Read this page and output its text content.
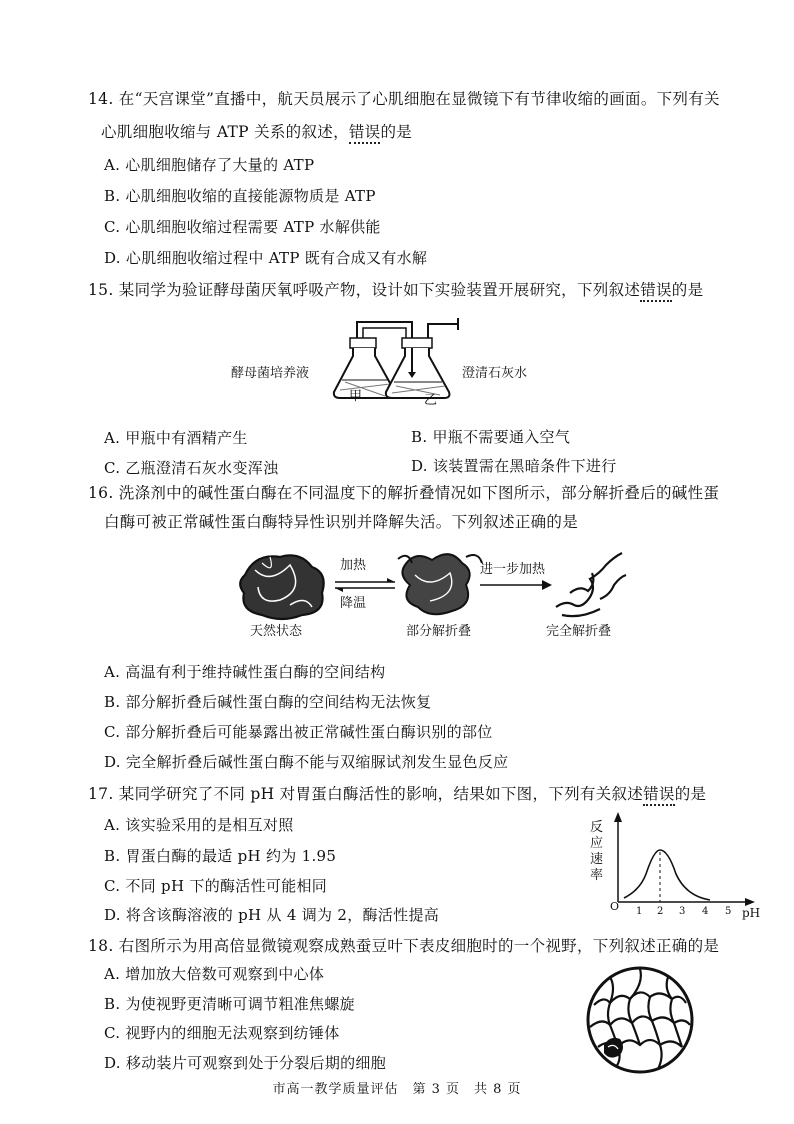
14. 在“天宫课堂”直播中，航天员展示了心肌细胞在显微镜下有节律收缩的画面。下列有关
心肌细胞收缩与 ATP 关系的叙述，错误的是
A. 心肌细胞储存了大量的 ATP
B. 心肌细胞收缩的直接能源物质是 ATP
C. 心肌细胞收缩过程需要 ATP 水解供能
D. 心肌细胞收缩过程中 ATP 既有合成又有水解
15. 某同学为验证酵母菌厌氧呼吸产物，设计如下实验装置开展研究，下列叙述错误的是
酵母菌培养液	澄清石灰水
甲	乙
A. 甲瓶中有酒精产生	B. 甲瓶不需要通入空气
C. 乙瓶澄清石灰水变浑浊	D. 该装置需在黑暗条件下进行
16. 洗涤剂中的碱性蛋白酶在不同温度下的解折叠情况如下图所示，部分解折叠后的碱性蛋
白酶可被正常碱性蛋白酶特异性识别并降解失活。下列叙述正确的是
加热
降温
进一步加热
天然状态	部分解折叠	完全解折叠
A. 高温有利于维持碱性蛋白酶的空间结构
B. 部分解折叠后碱性蛋白酶的空间结构无法恢复
C. 部分解折叠后可能暴露出被正常碱性蛋白酶识别的部位
D. 完全解折叠后碱性蛋白酶不能与双缩脲试剂发生显色反应
17. 某同学研究了不同 pH 对胃蛋白酶活性的影响，结果如下图，下列有关叙述错误的是
A. 该实验采用的是相互对照
B. 胃蛋白酶的最适 pH 约为 1.95
C. 不同 pH 下的酶活性可能相同
D. 将含该酶溶液的 pH 从 4 调为 2，酶活性提高
反应速率
O 1 2 3 4 5 pH
18. 右图所示为用高倍显微镜观察成熟蚕豆叶下表皮细胞时的一个视野，下列叙述正确的是
A. 增加放大倍数可观察到中心体
B. 为使视野更清晰可调节粗准焦螺旋
C. 视野内的细胞无法观察到纺锤体
D. 移动装片可观察到处于分裂后期的细胞
市高一教学质量评估　第 3 页　共 8 页
